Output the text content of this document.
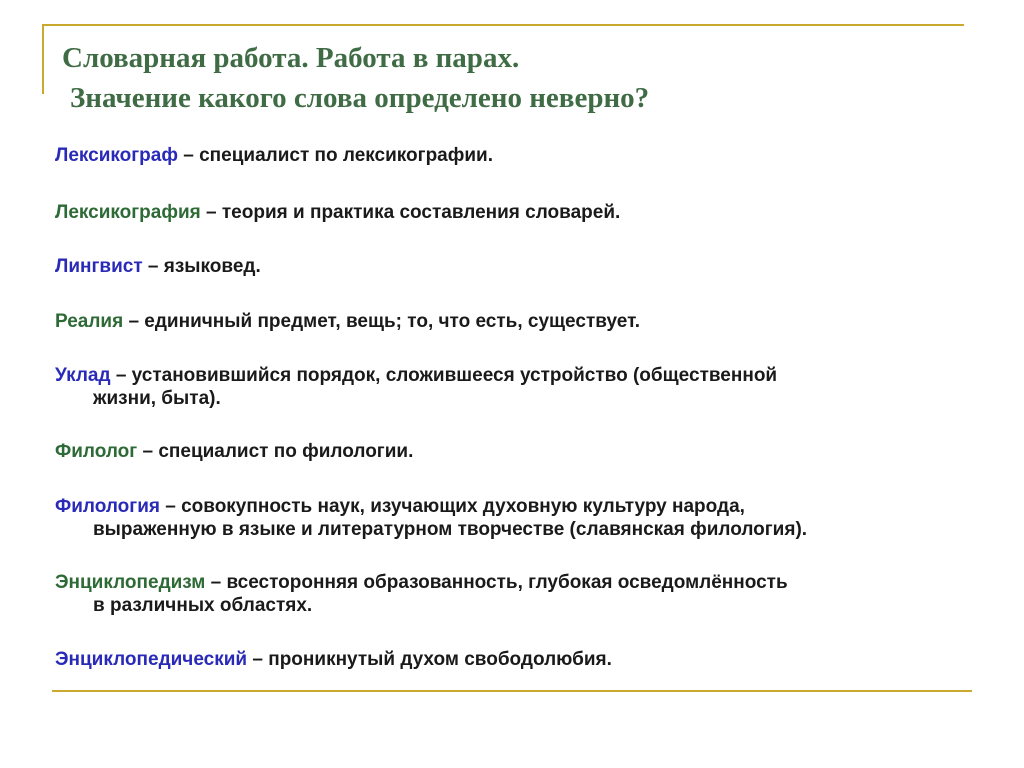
Словарная работа. Работа в парах.
Значение какого слова определено неверно?
Лексикограф – специалист по лексикографии.
Лексикография – теория и практика составления словарей.
Лингвист – языковед.
Реалия – единичный предмет, вещь; то, что есть, существует.
Уклад – установившийся порядок, сложившееся устройство (общественной
жизни, быта).
Филолог – специалист по филологии.
Филология – совокупность наук, изучающих духовную культуру народа,
выраженную в языке и литературном творчестве (славянская филология).
Энциклопедизм – всесторонняя образованность, глубокая осведомлённость
в различных областях.
Энциклопедический – проникнутый духом свободолюбия.
